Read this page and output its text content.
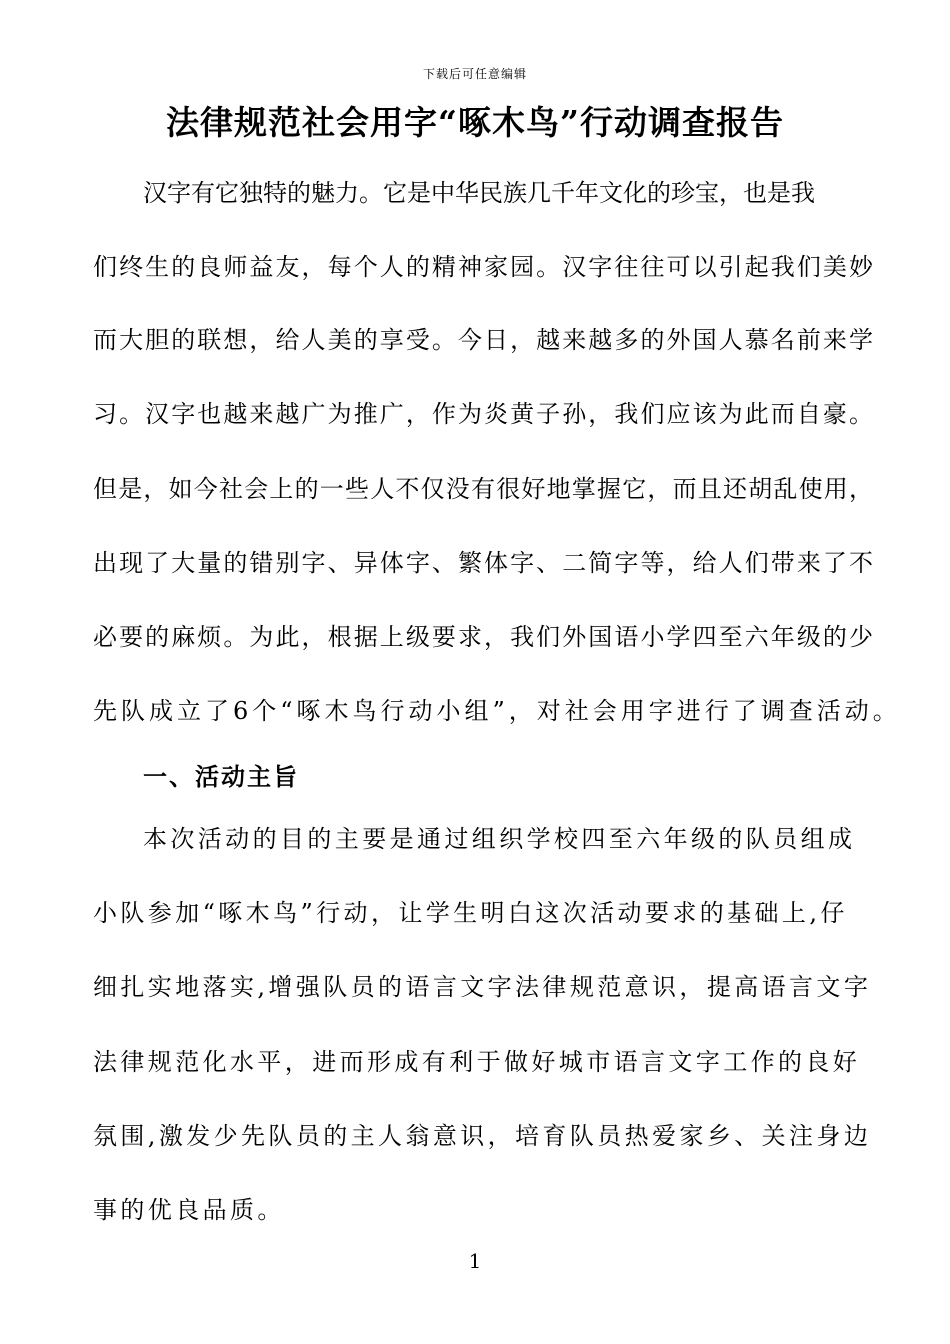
下载后可任意编辑
法律规范社会用字“啄木鸟”行动调查报告

汉字有它独特的魅力。它是中华民族几千年文化的珍宝，也是我

们终生的良师益友，每个人的精神家园。汉字往往可以引起我们美妙

而大胆的联想，给人美的享受。今日，越来越多的外国人慕名前来学

习。汉字也越来越广为推广，作为炎黄子孙，我们应该为此而自豪。

但是，如今社会上的一些人不仅没有很好地掌握它，而且还胡乱使用，

出现了大量的错别字、异体字、繁体字、二简字等，给人们带来了不

必要的麻烦。为此，根据上级要求，我们外国语小学四至六年级的少

先队成立了6个“啄木鸟行动小组”，对社会用字进行了调查活动。

一、活动主旨

本次活动的目的主要是通过组织学校四至六年级的队员组成

小队参加“啄木鸟”行动，让学生明白这次活动要求的基础上,仔

细扎实地落实,增强队员的语言文字法律规范意识，提高语言文字

法律规范化水平，进而形成有利于做好城市语言文字工作的良好

氛围,激发少先队员的主人翁意识，培育队员热爱家乡、关注身边

事的优良品质。

1
